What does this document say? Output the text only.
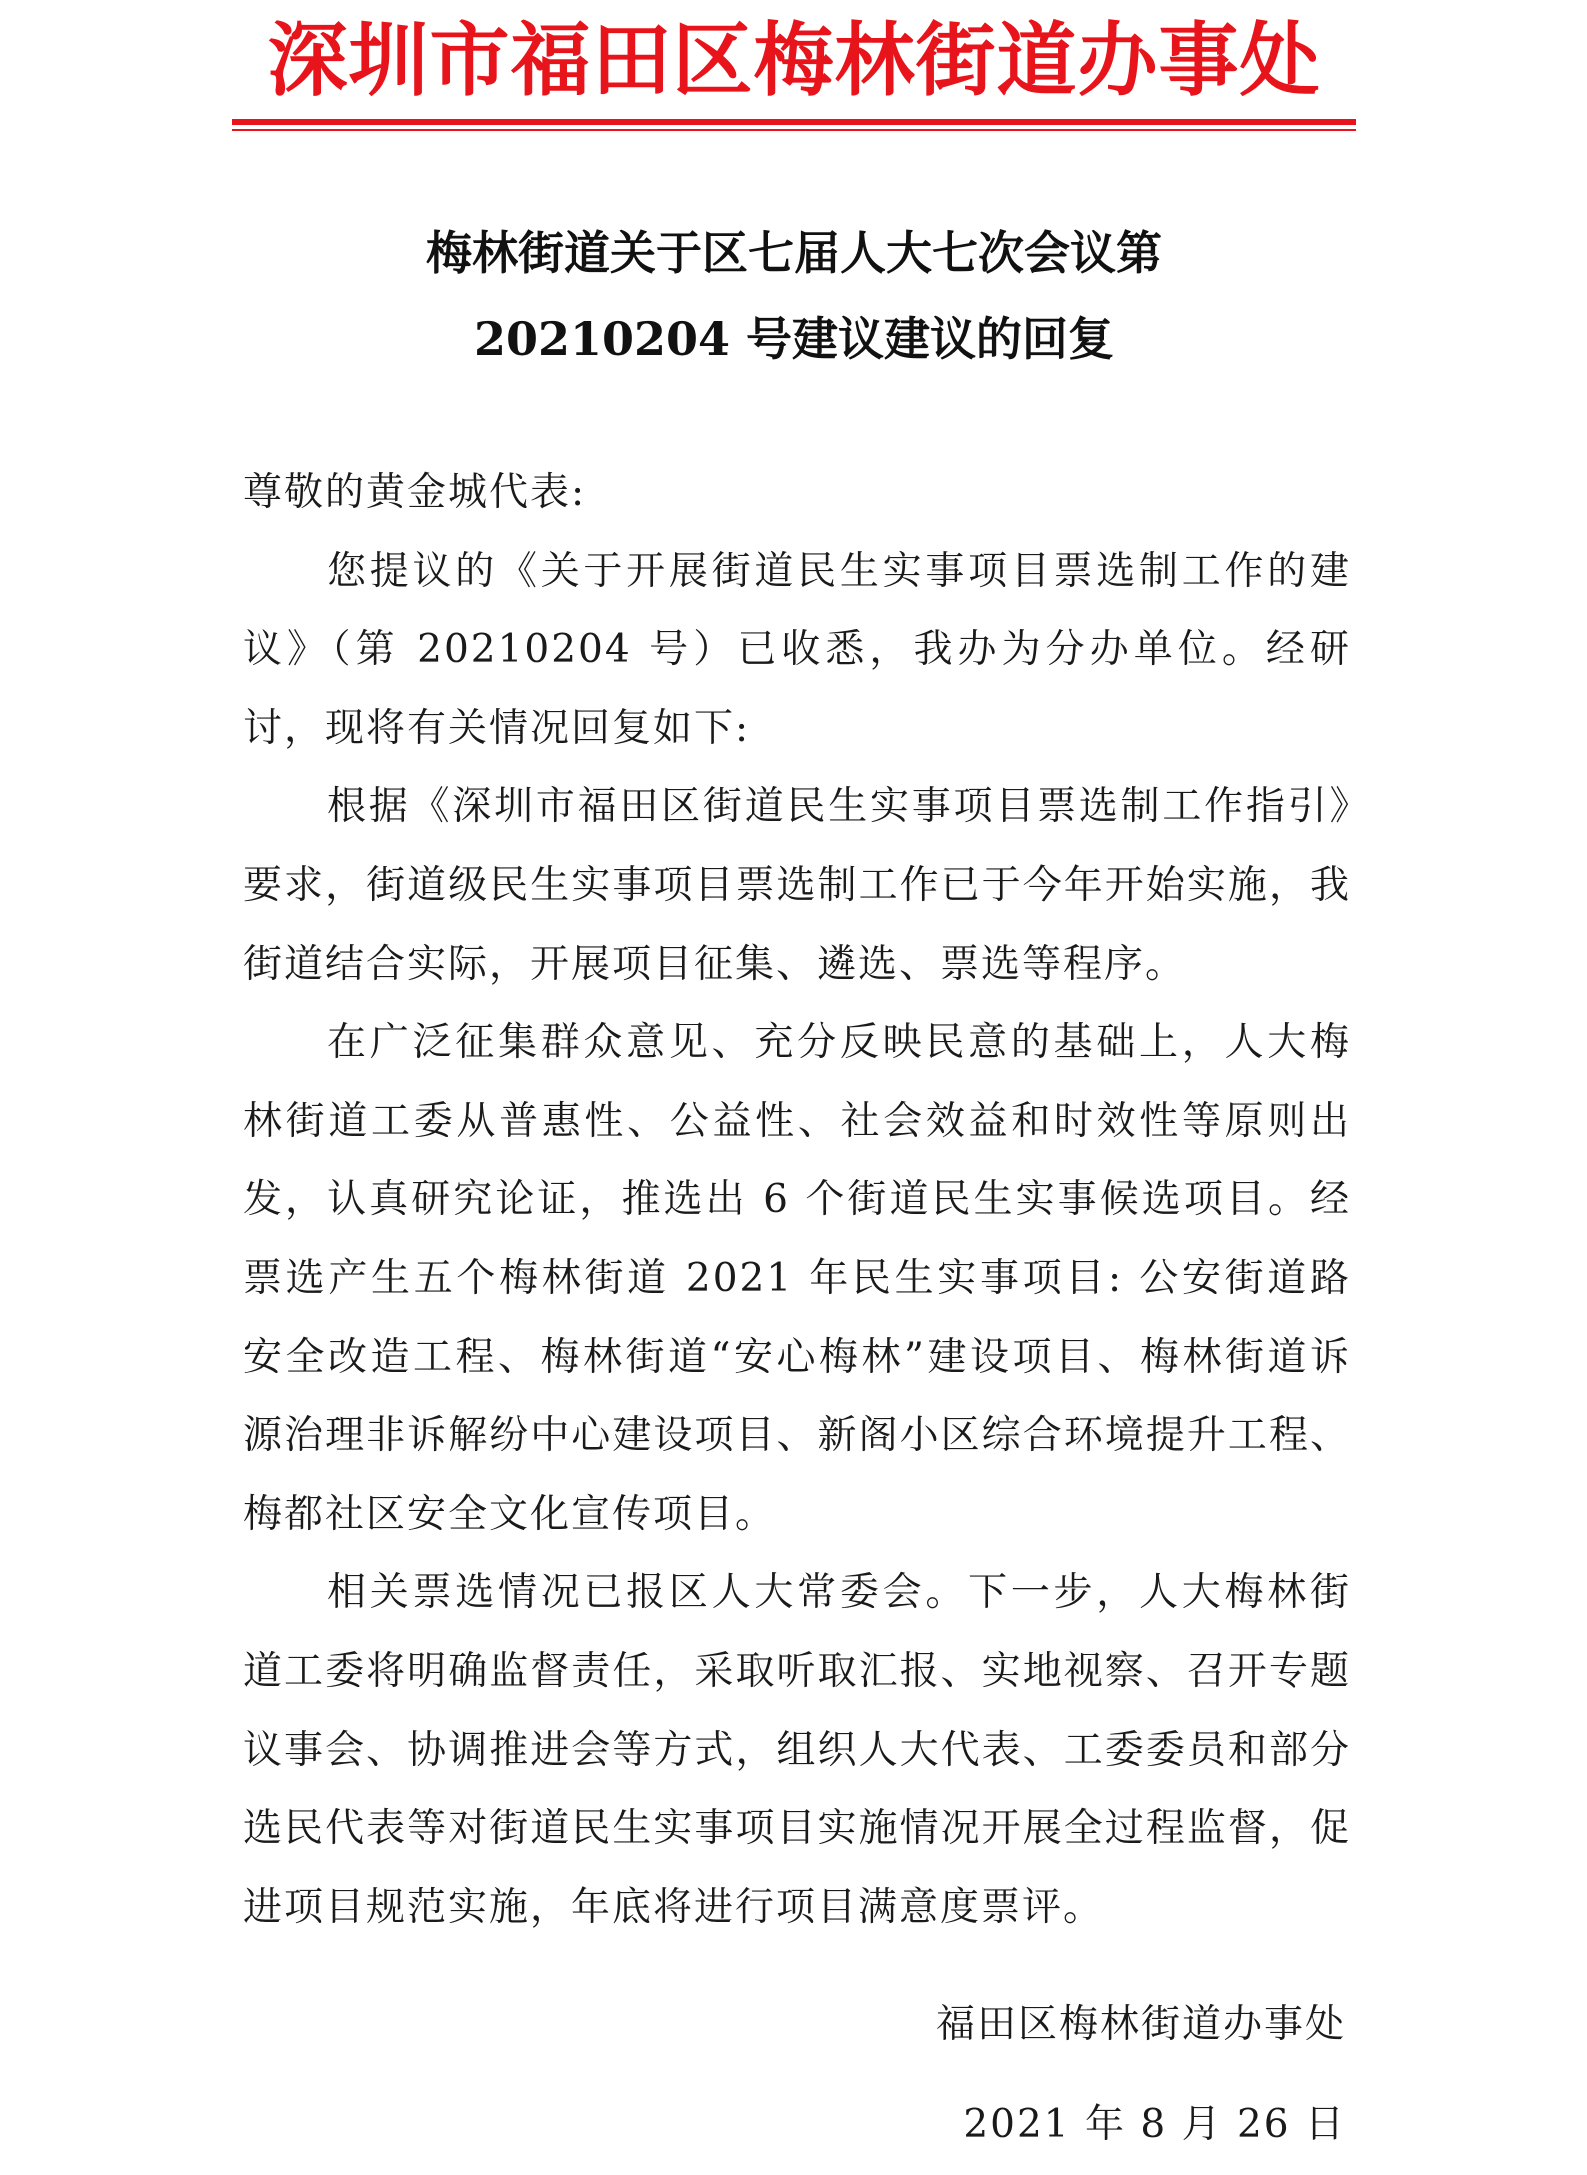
深圳市福田区梅林街道办事处
梅林街道关于区七届人大七次会议第
20210204 号建议建议的回复

尊敬的黄金城代表:

您提议的《关于开展街道民生实事项目票选制工作的建议》（第 20210204 号）已收悉，我办为分办单位。经研讨，现将有关情况回复如下:

根据《深圳市福田区街道民生实事项目票选制工作指引》要求，街道级民生实事项目票选制工作已于今年开始实施，我街道结合实际，开展项目征集、遴选、票选等程序。

在广泛征集群众意见、充分反映民意的基础上，人大梅林街道工委从普惠性、公益性、社会效益和时效性等原则出发，认真研究论证，推选出 6 个街道民生实事候选项目。经票选产生五个梅林街道 2021 年民生实事项目: 公安街道路安全改造工程、梅林街道“安心梅林”建设项目、梅林街道诉源治理非诉解纷中心建设项目、新阁小区综合环境提升工程、梅都社区安全文化宣传项目。

相关票选情况已报区人大常委会。下一步，人大梅林街道工委将明确监督责任，采取听取汇报、实地视察、召开专题议事会、协调推进会等方式，组织人大代表、工委委员和部分选民代表等对街道民生实事项目实施情况开展全过程监督，促进项目规范实施，年底将进行项目满意度票评。

福田区梅林街道办事处
2021 年 8 月 26 日
